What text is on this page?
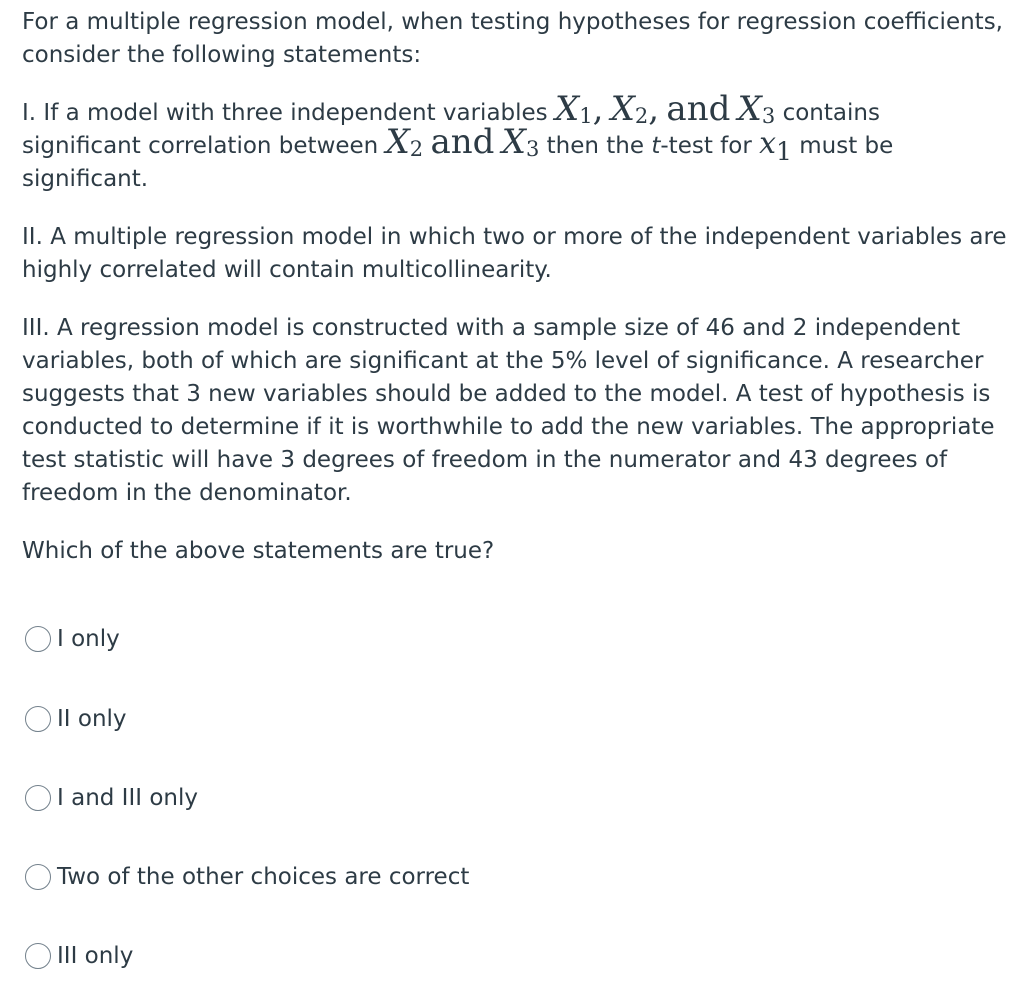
For a multiple regression model, when testing hypotheses for regression coefficients, consider the following statements:

I. If a model with three independent variables $X_1$, $X_2$, and $X_3$ contains
significant correlation between $X_2$ and $X_3$ then the t-test for $x_1$ must be
significant.

II. A multiple regression model in which two or more of the independent variables are highly correlated will contain multicollinearity.

III. A regression model is constructed with a sample size of 46 and 2 independent variables, both of which are significant at the 5% level of significance. A researcher suggests that 3 new variables should be added to the model. A test of hypothesis is conducted to determine if it is worthwhile to add the new variables. The appropriate test statistic will have 3 degrees of freedom in the numerator and 43 degrees of freedom in the denominator.

Which of the above statements are true?

I only
II only
I and III only
Two of the other choices are correct
III only
